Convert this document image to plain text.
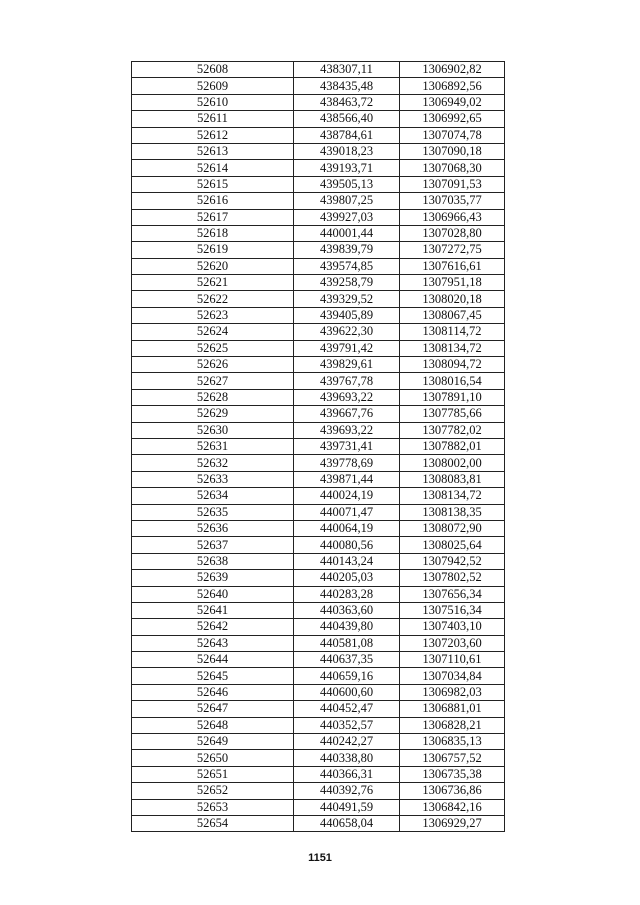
52608	438307,11	1306902,82
52609	438435,48	1306892,56
52610	438463,72	1306949,02
52611	438566,40	1306992,65
52612	438784,61	1307074,78
52613	439018,23	1307090,18
52614	439193,71	1307068,30
52615	439505,13	1307091,53
52616	439807,25	1307035,77
52617	439927,03	1306966,43
52618	440001,44	1307028,80
52619	439839,79	1307272,75
52620	439574,85	1307616,61
52621	439258,79	1307951,18
52622	439329,52	1308020,18
52623	439405,89	1308067,45
52624	439622,30	1308114,72
52625	439791,42	1308134,72
52626	439829,61	1308094,72
52627	439767,78	1308016,54
52628	439693,22	1307891,10
52629	439667,76	1307785,66
52630	439693,22	1307782,02
52631	439731,41	1307882,01
52632	439778,69	1308002,00
52633	439871,44	1308083,81
52634	440024,19	1308134,72
52635	440071,47	1308138,35
52636	440064,19	1308072,90
52637	440080,56	1308025,64
52638	440143,24	1307942,52
52639	440205,03	1307802,52
52640	440283,28	1307656,34
52641	440363,60	1307516,34
52642	440439,80	1307403,10
52643	440581,08	1307203,60
52644	440637,35	1307110,61
52645	440659,16	1307034,84
52646	440600,60	1306982,03
52647	440452,47	1306881,01
52648	440352,57	1306828,21
52649	440242,27	1306835,13
52650	440338,80	1306757,52
52651	440366,31	1306735,38
52652	440392,76	1306736,86
52653	440491,59	1306842,16
52654	440658,04	1306929,27
1151
